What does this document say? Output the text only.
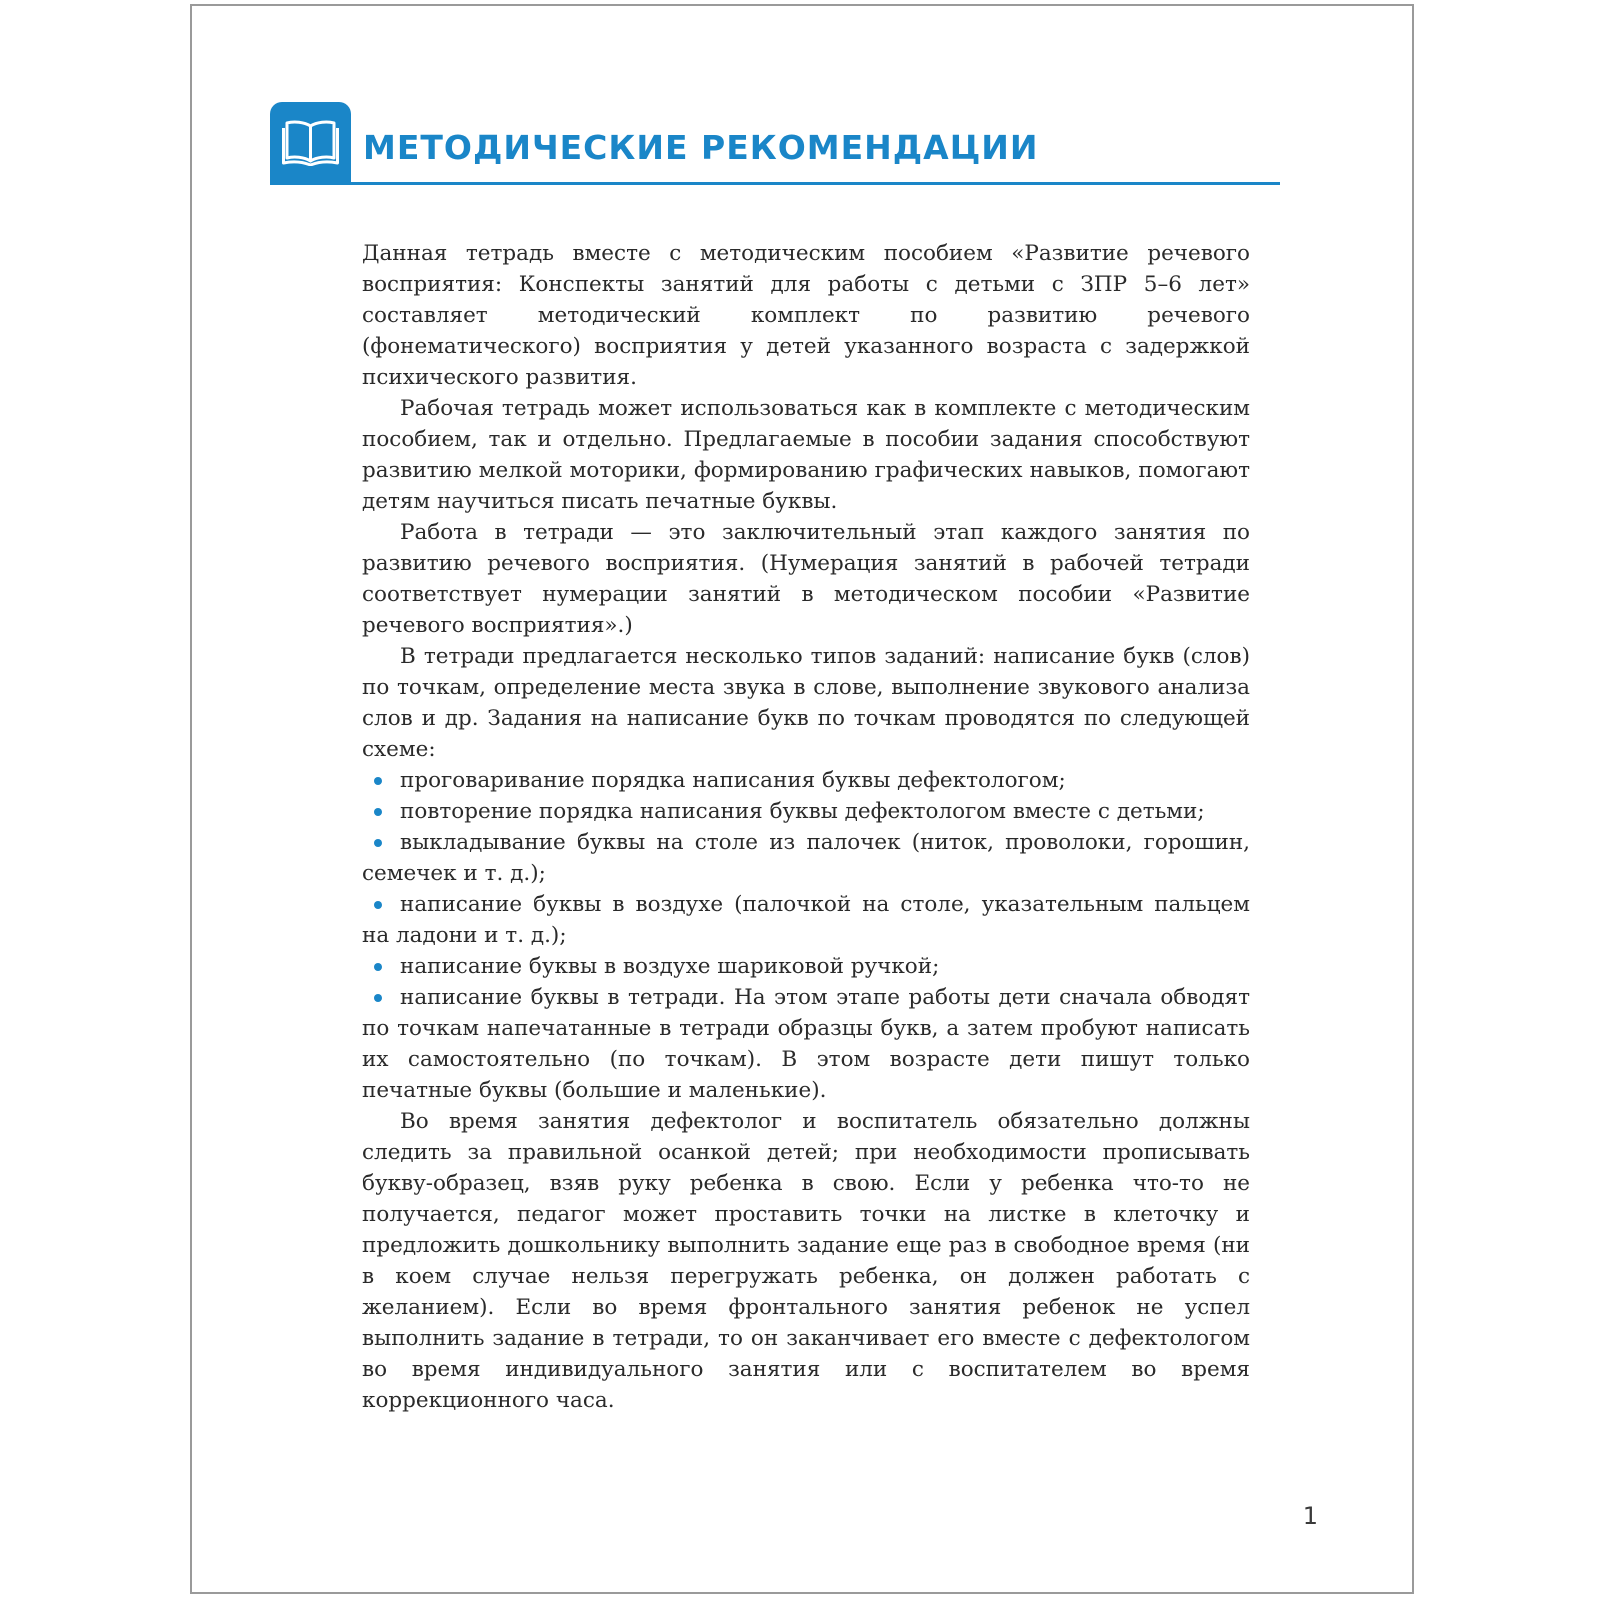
МЕТОДИЧЕСКИЕ РЕКОМЕНДАЦИИ

Данная тетрадь вместе с методическим пособием «Развитие речевого восприятия: Конспекты занятий для работы с детьми с ЗПР 5–6 лет» составляет методический комплект по развитию речевого (фонематического) восприятия у детей указанного возраста с задержкой психического развития.

Рабочая тетрадь может использоваться как в комплекте с методическим пособием, так и отдельно. Предлагаемые в пособии задания способствуют развитию мелкой моторики, формированию графических навыков, помогают детям научиться писать печатные буквы.

Работа в тетради — это заключительный этап каждого занятия по развитию речевого восприятия. (Нумерация занятий в рабочей тетради соответствует нумерации занятий в методическом пособии «Развитие речевого восприятия».)

В тетради предлагается несколько типов заданий: написание букв (слов) по точкам, определение места звука в слове, выполнение звукового анализа слов и др. Задания на написание букв по точкам проводятся по следующей схеме:

проговаривание порядка написания буквы дефектологом;
повторение порядка написания буквы дефектологом вместе с детьми;
выкладывание буквы на столе из палочек (ниток, проволоки, горошин, семечек и т. д.);
написание буквы в воздухе (палочкой на столе, указательным пальцем на ладони и т. д.);
написание буквы в воздухе шариковой ручкой;
написание буквы в тетради. На этом этапе работы дети сначала обводят по точкам напечатанные в тетради образцы букв, а затем пробуют написать их самостоятельно (по точкам). В этом возрасте дети пишут только печатные буквы (большие и маленькие).

Во время занятия дефектолог и воспитатель обязательно должны следить за правильной осанкой детей; при необходимости прописывать букву-образец, взяв руку ребенка в свою. Если у ребенка что-то не получается, педагог может проставить точки на листке в клеточку и предложить дошкольнику выполнить задание еще раз в свободное время (ни в коем случае нельзя перегружать ребенка, он должен работать с желанием). Если во время фронтального занятия ребенок не успел выполнить задание в тетради, то он заканчивает его вместе с дефектологом во время индивидуального занятия или с воспитателем во время коррекционного часа.

1
